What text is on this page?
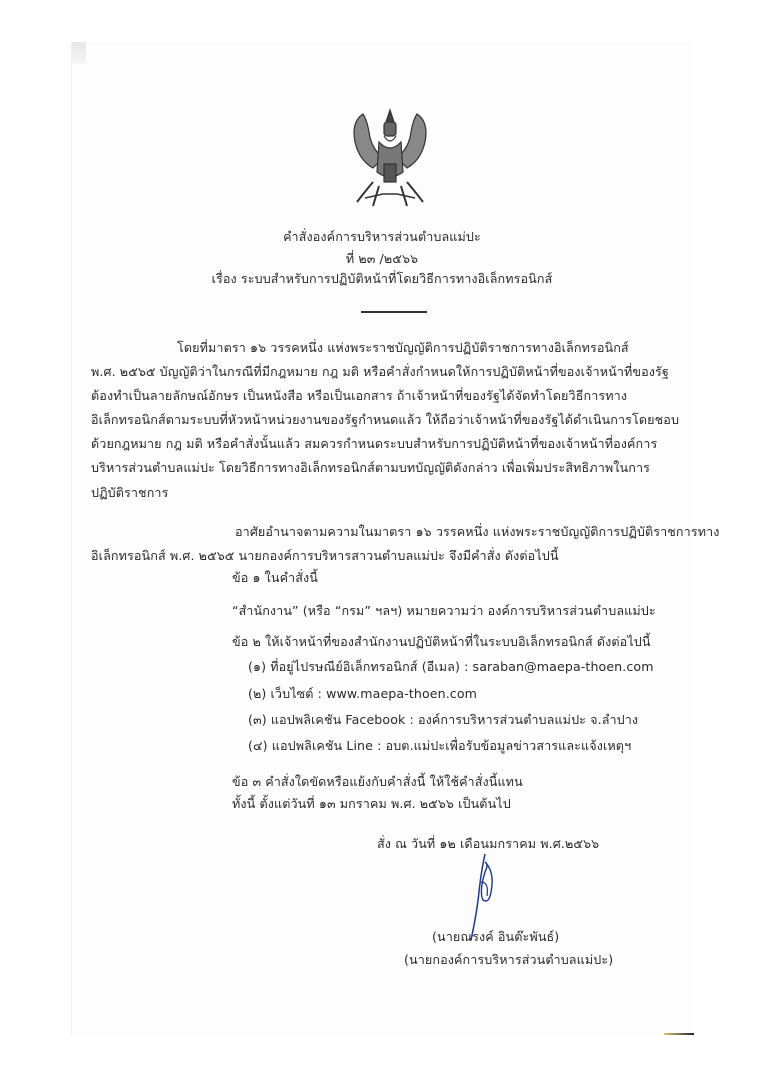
คำสั่งองค์การบริหารส่วนตำบลแม่ปะ
ที่ ๒๓ /๒๕๖๖
เรื่อง ระบบสำหรับการปฏิบัติหน้าที่โดยวิธีการทางอิเล็กทรอนิกส์
โดยที่มาตรา ๑๖ วรรคหนึ่ง แห่งพระราชบัญญัติการปฏิบัติราชการทางอิเล็กทรอนิกส์
พ.ศ. ๒๕๖๕ บัญญัติว่าในกรณีที่มีกฎหมาย กฎ มติ หรือคำสั่งกำหนดให้การปฏิบัติหน้าที่ของเจ้าหน้าที่ของรัฐ
ต้องทำเป็นลายลักษณ์อักษร เป็นหนังสือ หรือเป็นเอกสาร ถ้าเจ้าหน้าที่ของรัฐได้จัดทำโดยวิธีการทาง
อิเล็กทรอนิกส์ตามระบบที่หัวหน้าหน่วยงานของรัฐกำหนดแล้ว ให้ถือว่าเจ้าหน้าที่ของรัฐได้ดำเนินการโดยชอบ
ด้วยกฎหมาย กฎ มติ หรือคำสั่งนั้นแล้ว สมควรกำหนดระบบสำหรับการปฏิบัติหน้าที่ของเจ้าหน้าที่องค์การ
บริหารส่วนตำบลแม่ปะ โดยวิธีการทางอิเล็กทรอนิกส์ตามบทบัญญัติดังกล่าว เพื่อเพิ่มประสิทธิภาพในการ
ปฏิบัติราชการ
อาศัยอำนาจตามความในมาตรา ๑๖ วรรคหนึ่ง แห่งพระราชบัญญัติการปฏิบัติราชการทาง
อิเล็กทรอนิกส์ พ.ศ. ๒๕๖๕ นายกองค์การบริหารสาวนตำบลแม่ปะ จึงมีคำสั่ง ดังต่อไปนี้
ข้อ ๑ ในคำสั่งนี้
“สำนักงาน” (หรือ “กรม” ฯลฯ) หมายความว่า องค์การบริหารส่วนตำบลแม่ปะ
ข้อ ๒ ให้เจ้าหน้าที่ของสำนักงานปฏิบัติหน้าที่ในระบบอิเล็กทรอนิกส์ ดังต่อไปนี้
(๑) ที่อยู่ไปรษณีย์อิเล็กทรอนิกส์ (อีเมล) : saraban@maepa-thoen.com
(๒) เว็บไซต์ : www.maepa-thoen.com
(๓) แอปพลิเคชัน Facebook : องค์การบริหารส่วนตำบลแม่ปะ จ.ลำปาง
(๔) แอปพลิเคชัน Line : อบต.แม่ปะเพื่อรับข้อมูลข่าวสารและแจ้งเหตุฯ
ข้อ ๓ คำสั่งใดขัดหรือแย้งกับคำสั่งนี้ ให้ใช้คำสั่งนี้แทน
ทั้งนี้ ตั้งแต่วันที่ ๑๓ มกราคม พ.ศ. ๒๕๖๖ เป็นต้นไป
สั่ง ณ วันที่ ๑๒ เดือนมกราคม พ.ศ.๒๕๖๖
(นายณรงค์ อินต๊ะพันธ์)
(นายกองค์การบริหารส่วนตำบลแม่ปะ)
